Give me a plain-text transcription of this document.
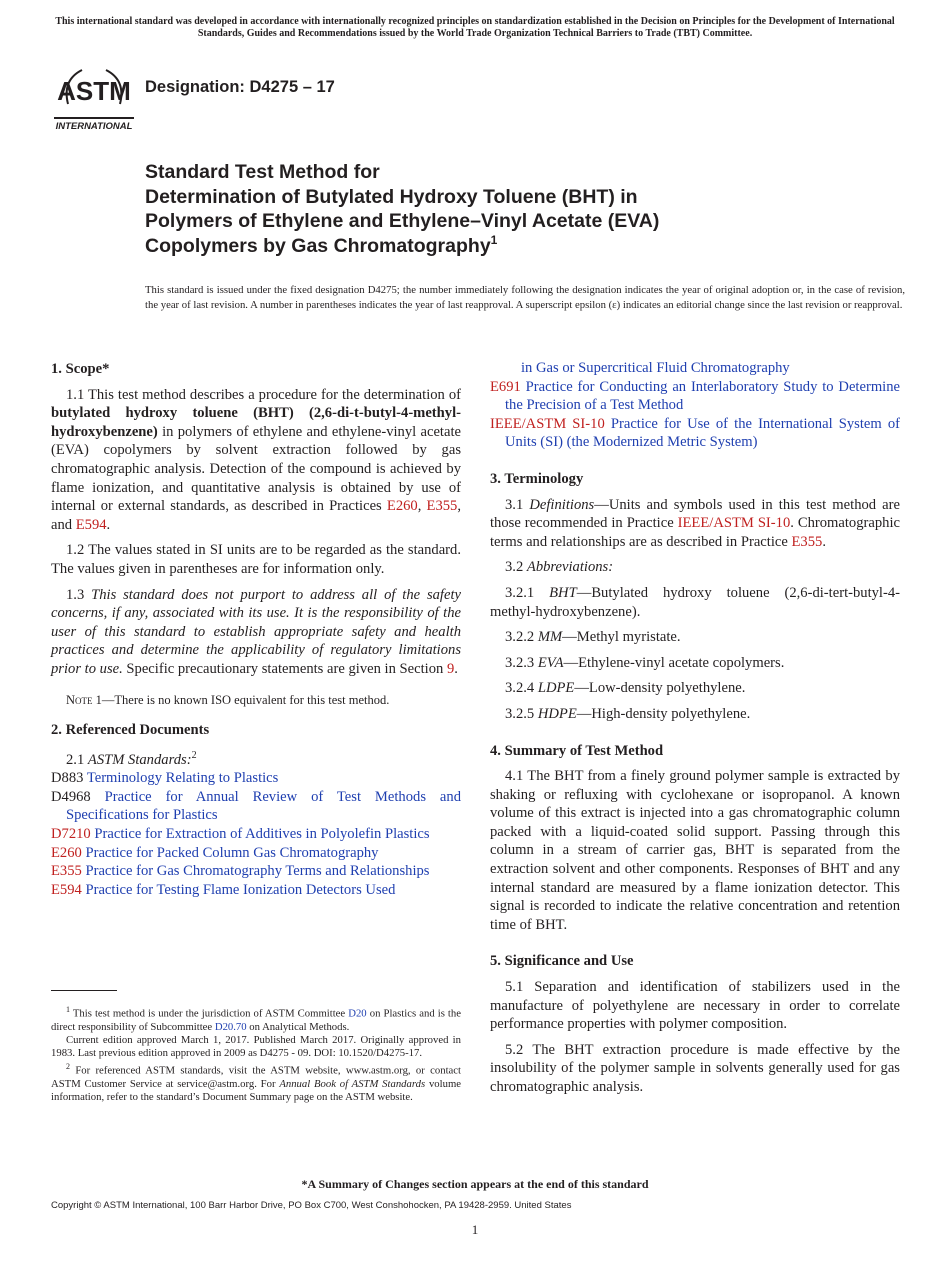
This international standard was developed in accordance with internationally recognized principles on standardization established in the Decision on Principles for the Development of International Standards, Guides and Recommendations issued by the World Trade Organization Technical Barriers to Trade (TBT) Committee.
ASTM
INTERNATIONAL
Designation: D4275 – 17
Standard Test Method for
Determination of Butylated Hydroxy Toluene (BHT) in
Polymers of Ethylene and Ethylene–Vinyl Acetate (EVA)
Copolymers by Gas Chromatography$^1$
This standard is issued under the fixed designation D4275; the number immediately following the designation indicates the year of original adoption or, in the case of revision, the year of last revision. A number in parentheses indicates the year of last reapproval. A superscript epsilon (ε) indicates an editorial change since the last revision or reapproval.

1. Scope*

1.1 This test method describes a procedure for the determination of butylated hydroxy toluene (BHT) (2,6-di-t-butyl-4-methyl-hydroxybenzene) in polymers of ethylene and ethylene-vinyl acetate (EVA) copolymers by solvent extraction followed by gas chromatographic analysis. Detection of the compound is achieved by flame ionization, and quantitative analysis is obtained by use of internal or external standards, as described in Practices E260, E355, and E594.

1.2 The values stated in SI units are to be regarded as the standard. The values given in parentheses are for information only.

1.3 This standard does not purport to address all of the safety concerns, if any, associated with its use. It is the responsibility of the user of this standard to establish appropriate safety and health practices and determine the applicability of regulatory limitations prior to use. Specific precautionary statements are given in Section 9.

Note 1—There is no known ISO equivalent for this test method.

2. Referenced Documents

2.1 ASTM Standards:$^2$

D883 Terminology Relating to Plastics

D4968 Practice for Annual Review of Test Methods and Specifications for Plastics

D7210 Practice for Extraction of Additives in Polyolefin Plastics

E260 Practice for Packed Column Gas Chromatography

E355 Practice for Gas Chromatography Terms and Relationships

E594 Practice for Testing Flame Ionization Detectors Used

in Gas or Supercritical Fluid Chromatography

E691 Practice for Conducting an Interlaboratory Study to Determine the Precision of a Test Method

IEEE/ASTM SI-10 Practice for Use of the International System of Units (SI) (the Modernized Metric System)

3. Terminology

3.1 Definitions—Units and symbols used in this test method are those recommended in Practice IEEE/ASTM SI-10. Chromatographic terms and relationships are as described in Practice E355.

3.2 Abbreviations:

3.2.1 BHT—Butylated hydroxy toluene (2,6-di-tert-butyl-4-methyl-hydroxybenzene).

3.2.2 MM—Methyl myristate.

3.2.3 EVA—Ethylene-vinyl acetate copolymers.

3.2.4 LDPE—Low-density polyethylene.

3.2.5 HDPE—High-density polyethylene.

4. Summary of Test Method

4.1 The BHT from a finely ground polymer sample is extracted by shaking or refluxing with cyclohexane or isopropanol. A known volume of this extract is injected into a gas chromatographic column packed with a liquid-coated solid support. Passing through this column in a stream of carrier gas, BHT is separated from the extraction solvent and other components. Responses of BHT and any internal standard are measured by a flame ionization detector. This signal is recorded to indicate the relative concentration and retention time of BHT.

5. Significance and Use

5.1 Separation and identification of stabilizers used in the manufacture of polyethylene are necessary in order to correlate performance properties with polymer composition.

5.2 The BHT extraction procedure is made effective by the insolubility of the polymer sample in solvents generally used for gas chromatographic analysis.

$^1$ This test method is under the jurisdiction of ASTM Committee D20 on Plastics and is the direct responsibility of Subcommittee D20.70 on Analytical Methods.

Current edition approved March 1, 2017. Published March 2017. Originally approved in 1983. Last previous edition approved in 2009 as D4275 - 09. DOI: 10.1520/D4275-17.

$^2$ For referenced ASTM standards, visit the ASTM website, www.astm.org, or contact ASTM Customer Service at service@astm.org. For Annual Book of ASTM Standards volume information, refer to the standard’s Document Summary page on the ASTM website.

*A Summary of Changes section appears at the end of this standard
Copyright © ASTM International, 100 Barr Harbor Drive, PO Box C700, West Conshohocken, PA 19428-2959. United States
1
